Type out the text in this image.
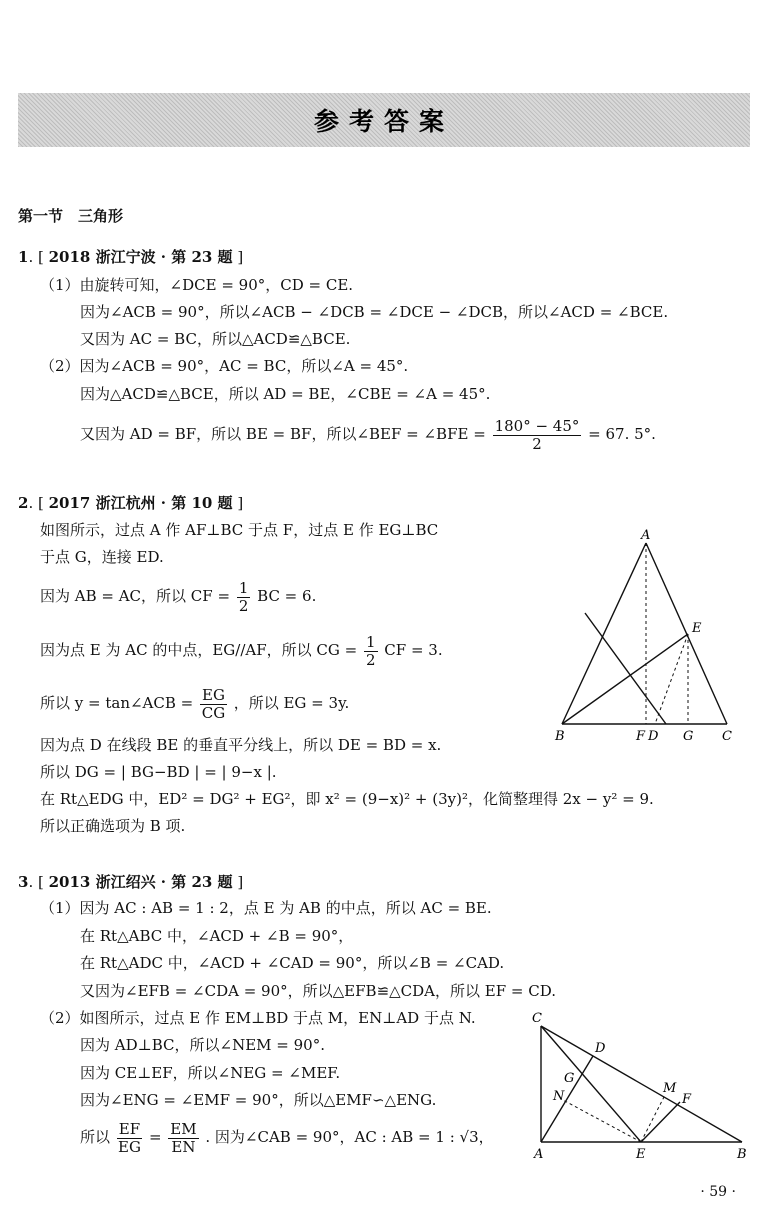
参考答案
第一节　三角形
1. [ 2018 浙江宁波 · 第 23 题 ]
（1）由旋转可知，∠DCE = 90°，CD = CE.
因为∠ACB = 90°，所以∠ACB − ∠DCB = ∠DCE − ∠DCB，所以∠ACD = ∠BCE.
又因为 AC = BC，所以△ACD≌△BCE.
（2）因为∠ACB = 90°，AC = BC，所以∠A = 45°.
因为△ACD≌△BCE，所以 AD = BE，∠CBE = ∠A = 45°.
又因为 AD = BF，所以 BE = BF，所以∠BEF = ∠BFE = $\frac{180^\circ - 45^\circ}{2} = 67$. 5°.
2. [ 2017 浙江杭州 · 第 10 题 ]
如图所示，过点 A 作 AF⊥BC 于点 F，过点 E 作 EG⊥BC
于点 G，连接 ED.
因为 AB = AC，所以 CF = $\frac{1}{2}$ BC = 6.
因为点 E 为 AC 的中点，EG//AF，所以 CG = $\frac{1}{2}$ CF = 3.
所以 y = tan∠ACB = $\frac{EG}{CG}$ ，所以 EG = 3y.
因为点 D 在线段 BE 的垂直平分线上，所以 DE = BD = x.
所以 DG = | BG−BD | = | 9−x |.
在 Rt△EDG 中，ED² = DG² + EG²，即 x² = (9−x)² + (3y)²，化简整理得 2x − y² = 9.
所以正确选项为 B 项.
A
B	C
E
F D G
C
D
G
N
M
F
A	E	B
3. [ 2013 浙江绍兴 · 第 23 题 ]
（1）因为 AC : AB = 1 : 2，点 E 为 AB 的中点，所以 AC = BE.
在 Rt△ABC 中，∠ACD + ∠B = 90°，
在 Rt△ADC 中，∠ACD + ∠CAD = 90°，所以∠B = ∠CAD.
又因为∠EFB = ∠CDA = 90°，所以△EFB≌△CDA，所以 EF = CD.
（2）如图所示，过点 E 作 EM⊥BD 于点 M，EN⊥AD 于点 N.
因为 AD⊥BC，所以∠NEM = 90°.
因为 CE⊥EF，所以∠NEG = ∠MEF.
因为∠ENG = ∠EMF = 90°，所以△EMF∽△ENG.
所以 $\frac{EF}{EG} = \frac{EM}{EN}$ . 因为∠CAB = 90°，AC : AB = 1 : √3，
· 59 ·
